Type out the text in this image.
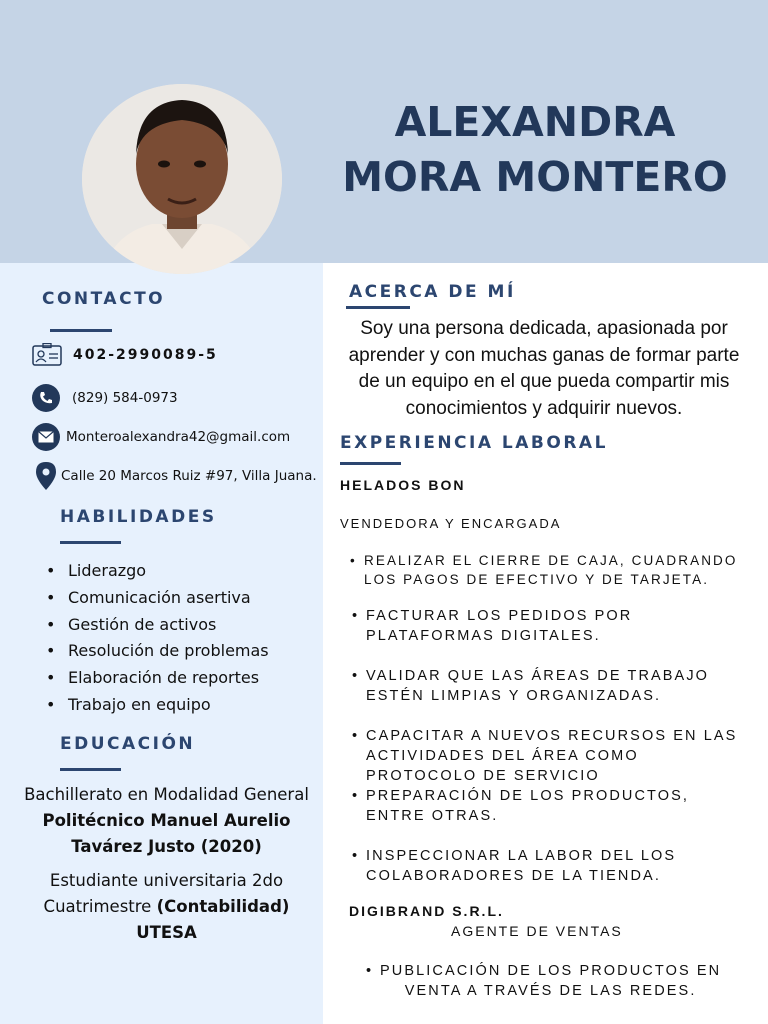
ALEXANDRA
MORA MONTERO
CONTACTO
402-2990089-5
(829) 584-0973
Monteroalexandra42@gmail.com
Calle 20 Marcos Ruiz #97, Villa Juana.
HABILIDADES
• Liderazgo
• Comunicación asertiva
• Gestión de activos
• Resolución de problemas
• Elaboración de reportes
• Trabajo en equipo
EDUCACIÓN
Bachillerato en Modalidad General
Politécnico Manuel Aurelio
Tavárez Justo (2020)
Estudiante universitaria 2do
Cuatrimestre (Contabilidad)
UTESA
ACERCA DE MÍ
Soy una persona dedicada, apasionada por
aprender y con muchas ganas de formar parte
de un equipo en el que pueda compartir mis
conocimientos y adquirir nuevos.
EXPERIENCIA LABORAL
HELADOS BON
VENDEDORA Y ENCARGADA
• REALIZAR EL CIERRE DE CAJA, CUADRANDO
LOS PAGOS DE EFECTIVO Y DE TARJETA.
• FACTURAR LOS PEDIDOS POR
PLATAFORMAS DIGITALES.
• VALIDAR QUE LAS ÁREAS DE TRABAJO
ESTÉN LIMPIAS Y ORGANIZADAS.
• CAPACITAR A NUEVOS RECURSOS EN LAS
ACTIVIDADES DEL ÁREA COMO
PROTOCOLO DE SERVICIO
• PREPARACIÓN DE LOS PRODUCTOS,
ENTRE OTRAS.
• INSPECCIONAR LA LABOR DEL LOS
COLABORADORES DE LA TIENDA.
DIGIBRAND S.R.L.
AGENTE DE VENTAS
• PUBLICACIÓN DE LOS PRODUCTOS EN
VENTA A TRAVÉS DE LAS REDES.
